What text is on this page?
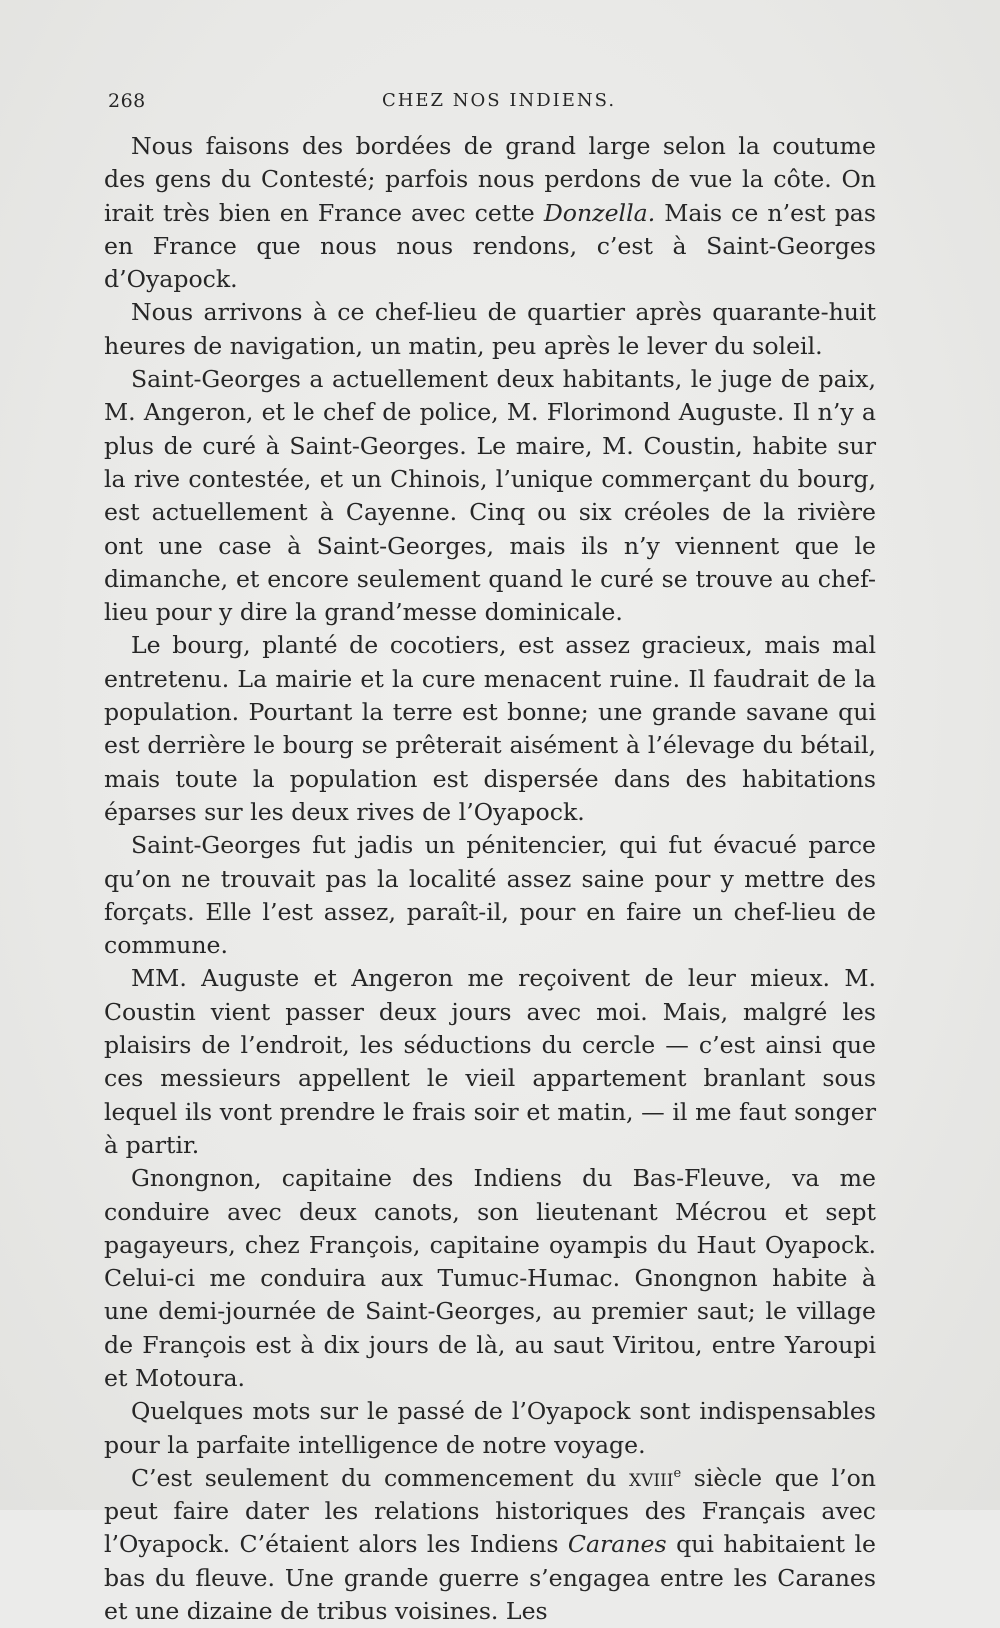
268	CHEZ NOS INDIENS.

Nous faisons des bordées de grand large selon la coutume des gens du Contesté; parfois nous perdons de vue la côte. On irait très bien en France avec cette Donzella. Mais ce n’est pas en France que nous nous rendons, c’est à Saint-Georges d’Oyapock.

Nous arrivons à ce chef-lieu de quartier après quarante-huit heures de navigation, un matin, peu après le lever du soleil.

Saint-Georges a actuellement deux habitants, le juge de paix, M. Angeron, et le chef de police, M. Florimond Auguste. Il n’y a plus de curé à Saint-Georges. Le maire, M. Coustin, habite sur la rive contestée, et un Chinois, l’unique commerçant du bourg, est actuellement à Cayenne. Cinq ou six créoles de la rivière ont une case à Saint-Georges, mais ils n’y viennent que le dimanche, et encore seulement quand le curé se trouve au chef-lieu pour y dire la grand’messe dominicale.

Le bourg, planté de cocotiers, est assez gracieux, mais mal entretenu. La mairie et la cure menacent ruine. Il faudrait de la population. Pourtant la terre est bonne; une grande savane qui est derrière le bourg se prêterait aisément à l’élevage du bétail, mais toute la population est dispersée dans des habitations éparses sur les deux rives de l’Oyapock.

Saint-Georges fut jadis un pénitencier, qui fut évacué parce qu’on ne trouvait pas la localité assez saine pour y mettre des forçats. Elle l’est assez, paraît-il, pour en faire un chef-lieu de commune.

MM. Auguste et Angeron me reçoivent de leur mieux. M. Coustin vient passer deux jours avec moi. Mais, malgré les plaisirs de l’endroit, les séductions du cercle — c’est ainsi que ces messieurs appellent le vieil appartement branlant sous lequel ils vont prendre le frais soir et matin, — il me faut songer à partir.

Gnongnon, capitaine des Indiens du Bas-Fleuve, va me conduire avec deux canots, son lieutenant Mécrou et sept pagayeurs, chez François, capitaine oyampis du Haut Oyapock. Celui-ci me conduira aux Tumuc-Humac. Gnongnon habite à une demi-journée de Saint-Georges, au premier saut; le village de François est à dix jours de là, au saut Viritou, entre Yaroupi et Motoura.

Quelques mots sur le passé de l’Oyapock sont indispensables pour la parfaite intelligence de notre voyage.

C’est seulement du commencement du xviii$^e$ siècle que l’on peut faire dater les relations historiques des Français avec l’Oyapock. C’étaient alors les Indiens Caranes qui habitaient le bas du fleuve. Une grande guerre s’engagea entre les Caranes et une dizaine de tribus voisines. Les
